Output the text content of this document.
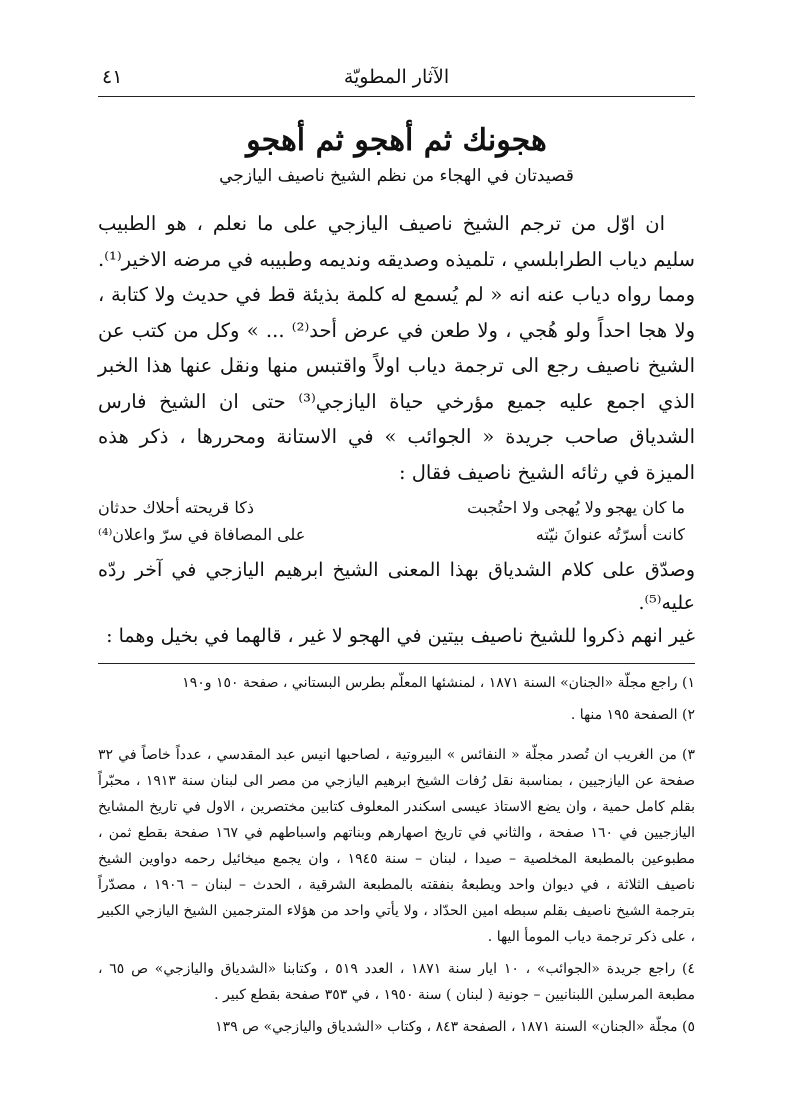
الآثار المطويّة
٤١
هجونك ثم أهجو ثم أهجو
قصيدتان في الهجاء من نظم الشيخ ناصيف اليازجي

ان اوّل من ترجم الشيخ ناصيف اليازجي على ما نعلم ، هو الطبيب سليم دياب الطرابلسي ، تلميذه وصديقه ونديمه وطبيبه في مرضه الاخير⁽¹⁾. ومما رواه دياب عنه انه « لم يُسمع له كلمة بذيئة قط في حديث ولا كتابة ، ولا هجا احداً ولو هُجي ، ولا طعن في عرض أحد⁽²⁾ ... » وكل من كتب عن الشيخ ناصيف رجع الى ترجمة دياب اولاً واقتبس منها ونقل عنها هذا الخبر الذي اجمع عليه جميع مؤرخي حياة اليازجي⁽³⁾ حتى ان الشيخ فارس الشدياق صاحب جريدة « الجوائب » في الاستانة ومحررها ، ذكر هذه الميزة في رثائه الشيخ ناصيف فقال :

ما كان يهجو ولا يُهجى ولا احتُجبت
ذكا قريحته أحلاك حدثان
كانت أسرّتُه عنوانَ نيّته
على المصافاة في سرّ واعلان⁽⁴⁾

وصدّق على كلام الشدياق بهذا المعنى الشيخ ابرهيم اليازجي في آخر ردّه عليه⁽⁵⁾.

غير انهم ذكروا للشيخ ناصيف بيتين في الهجو لا غير ، قالهما في بخيل وهما :

١) راجع مجلّة «الجنان» السنة ١٨٧١ ، لمنشئها المعلّم بطرس البستاني ، صفحة ١٥٠ و١٩٠
٢) الصفحة ١٩٥ منها .
٣) من الغريب ان تُصدر مجلّة « النفائس » البيروتية ، لصاحبها انيس عبد المقدسي ، عدداً خاصاً في ٣٢ صفحة عن اليازجيين ، بمناسبة نقل رُفات الشيخ ابرهيم اليازجي من مصر الى لبنان سنة ١٩١٣ ، محبّراً بقلم كامل حمية ، وان يضع الاستاذ عيسى اسكندر المعلوف كتابين مختصرين ، الاول في تاريخ المشايخ اليازجيين في ١٦٠ صفحة ، والثاني في تاريخ اصهارهم وبناتهم واسباطهم في ١٦٧ صفحة بقطع ثمن ، مطبوعين بالمطبعة المخلصية – صيدا ، لبنان – سنة ١٩٤٥ ، وان يجمع ميخائيل رحمه دواوين الشيخ ناصيف الثلاثة ، في ديوان واحد ويطبعهُ بنفقته بالمطبعة الشرقية ، الحدث – لبنان – ١٩٠٦ ، مصدّراً بترجمة الشيخ ناصيف بقلم سبطه امين الحدّاد ، ولا يأتي واحد من هؤلاء المترجمين الشيخ اليازجي الكبير ، على ذكر ترجمة دياب المومأ اليها .
٤) راجع جريدة «الجوائب» ، ١٠ ايار سنة ١٨٧١ ، العدد ٥١٩ ، وكتابنا «الشدياق واليازجي» ص ٦٥ ، مطبعة المرسلين اللبنانيين – جونية ( لبنان ) سنة ١٩٥٠ ، في ٣٥٣ صفحة بقطع كبير .
٥) مجلّة «الجنان» السنة ١٨٧١ ، الصفحة ٨٤٣ ، وكتاب «الشدياق واليازجي» ص ١٣٩
